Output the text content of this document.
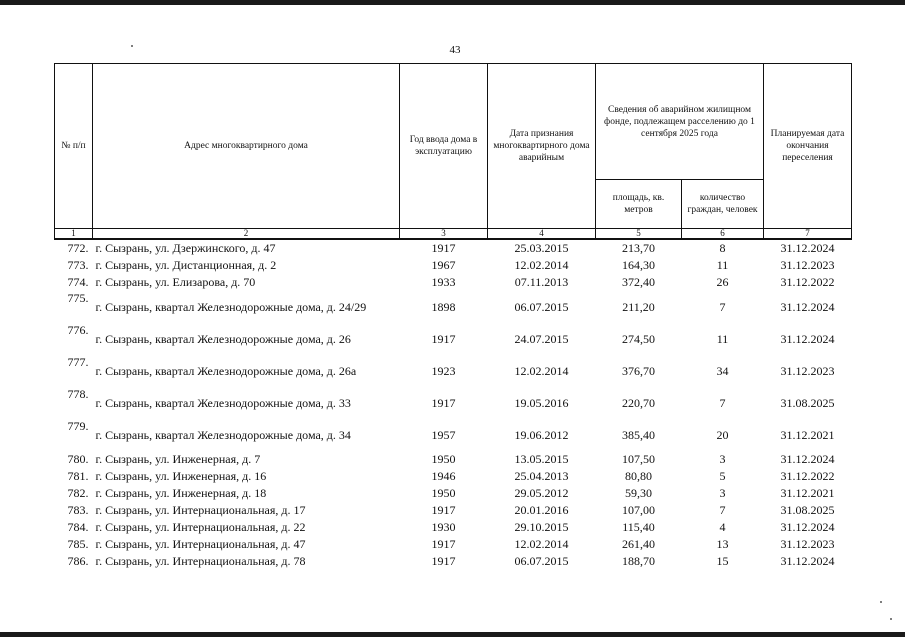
43
№ п/п	Адрес многоквартирного дома	Год ввода дома в эксплуатацию	Дата признания многоквартирного дома аварийным	Сведения об аварийном жилищном фонде, подлежащем расселению до 1 сентября 2025 года		Планируемая дата окончания переселения
				площадь, кв. метров	количество граждан, человек	
1	2	3	4	5	6	7
772.	г. Сызрань, ул. Дзержинского, д. 47	1917	25.03.2015	213,70	8	31.12.2024
773.	г. Сызрань, ул. Дистанционная, д. 2	1967	12.02.2014	164,30	11	31.12.2023
774.	г. Сызрань, ул. Елизарова, д. 70	1933	07.11.2013	372,40	26	31.12.2022
775.	г. Сызрань, квартал Железнодорожные дома, д. 24/29	1898	06.07.2015	211,20	7	31.12.2024
776.	г. Сызрань, квартал Железнодорожные дома, д. 26	1917	24.07.2015	274,50	11	31.12.2024
777.	г. Сызрань, квартал Железнодорожные дома, д. 26а	1923	12.02.2014	376,70	34	31.12.2023
778.	г. Сызрань, квартал Железнодорожные дома, д. 33	1917	19.05.2016	220,70	7	31.08.2025
779.	г. Сызрань, квартал Железнодорожные дома, д. 34	1957	19.06.2012	385,40	20	31.12.2021
780.	г. Сызрань, ул. Инженерная, д. 7	1950	13.05.2015	107,50	3	31.12.2024
781.	г. Сызрань, ул. Инженерная, д. 16	1946	25.04.2013	80,80	5	31.12.2022
782.	г. Сызрань, ул. Инженерная, д. 18	1950	29.05.2012	59,30	3	31.12.2021
783.	г. Сызрань, ул. Интернациональная, д. 17	1917	20.01.2016	107,00	7	31.08.2025
784.	г. Сызрань, ул. Интернациональная, д. 22	1930	29.10.2015	115,40	4	31.12.2024
785.	г. Сызрань, ул. Интернациональная, д. 47	1917	12.02.2014	261,40	13	31.12.2023
786.	г. Сызрань, ул. Интернациональная, д. 78	1917	06.07.2015	188,70	15	31.12.2024
